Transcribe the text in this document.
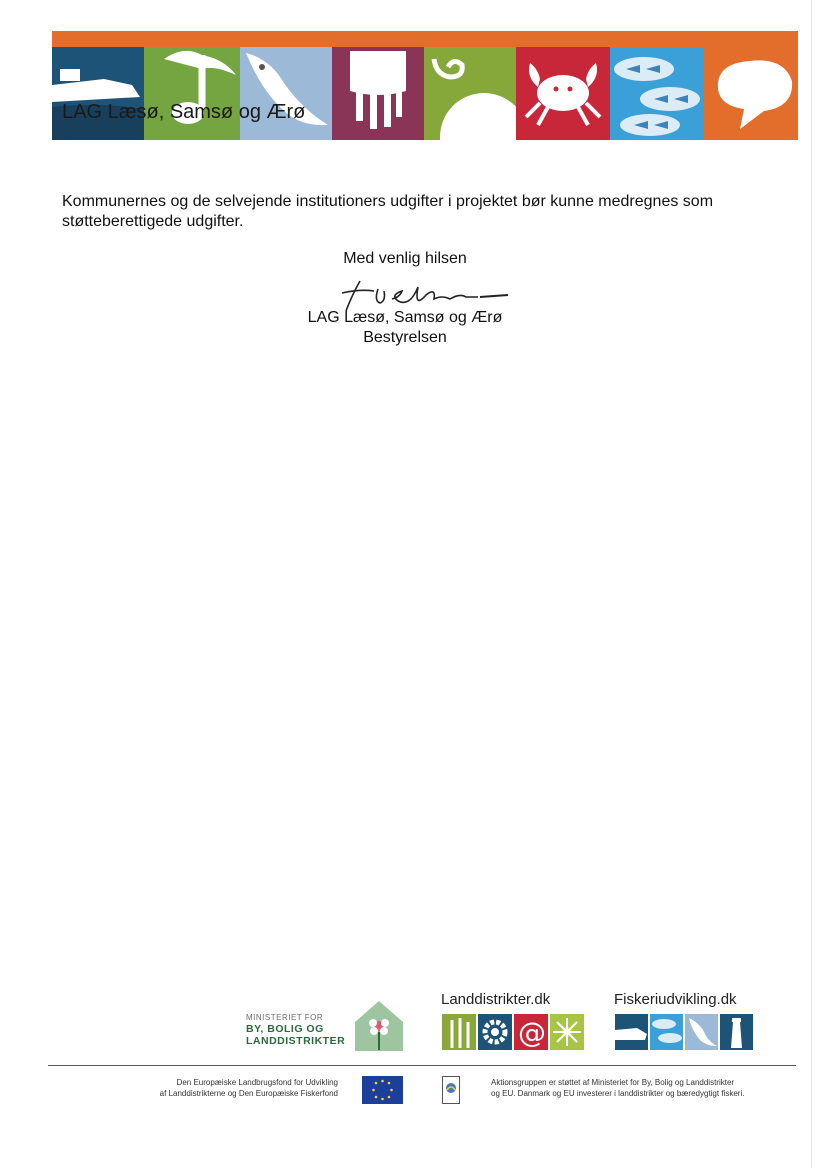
LAG Læsø, Samsø og Ærø
Kommunernes og de selvejende institutioners udgifter i projektet bør kunne medregnes som støtteberettigede udgifter.
Med venlig hilsen
LAG Læsø, Samsø og Ærø
Bestyrelsen
MINISTERIET FOR
BY, BOLIG OG
LANDDISTRIKTER
Landdistrikter.dk
@
Fiskeriudvikling.dk
Den Europæiske Landbrugsfond for Udvikling
af Landdistrikterne og Den Europæiske Fiskerfond
Aktionsgruppen er støttet af Ministeriet for By, Bolig og Landdistrikter
og EU. Danmark og EU investerer i landdistrikter og bæredygtigt fiskeri.
